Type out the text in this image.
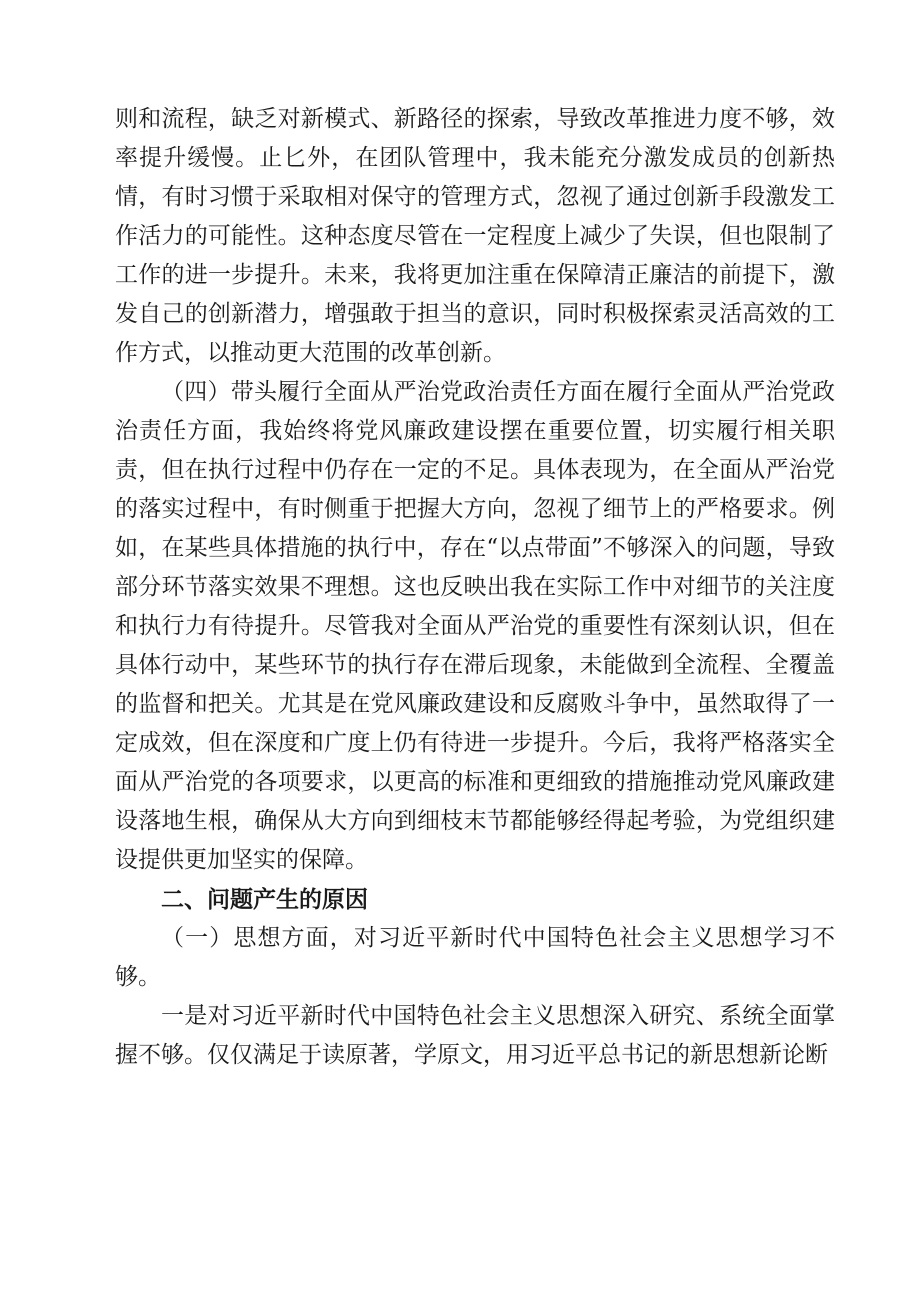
则和流程，缺乏对新模式、新路径的探索，导致改革推进力度不够，效率提升缓慢。止匕外，在团队管理中，我未能充分激发成员的创新热情，有时习惯于采取相对保守的管理方式，忽视了通过创新手段激发工作活力的可能性。这种态度尽管在一定程度上减少了失误，但也限制了工作的进一步提升。未来，我将更加注重在保障清正廉洁的前提下，激发自己的创新潜力，增强敢于担当的意识，同时积极探索灵活高效的工作方式，以推动更大范围的改革创新。

（四）带头履行全面从严治党政治责任方面在履行全面从严治党政治责任方面，我始终将党风廉政建设摆在重要位置，切实履行相关职责，但在执行过程中仍存在一定的不足。具体表现为，在全面从严治党的落实过程中，有时侧重于把握大方向，忽视了细节上的严格要求。例如，在某些具体措施的执行中，存在“以点带面”不够深入的问题，导致部分环节落实效果不理想。这也反映出我在实际工作中对细节的关注度和执行力有待提升。尽管我对全面从严治党的重要性有深刻认识，但在具体行动中，某些环节的执行存在滞后现象，未能做到全流程、全覆盖的监督和把关。尤其是在党风廉政建设和反腐败斗争中，虽然取得了一定成效，但在深度和广度上仍有待进一步提升。今后，我将严格落实全面从严治党的各项要求，以更高的标准和更细致的措施推动党风廉政建设落地生根，确保从大方向到细枝末节都能够经得起考验，为党组织建设提供更加坚实的保障。

二、问题产生的原因

（一）思想方面，对习近平新时代中国特色社会主义思想学习不够。

一是对习近平新时代中国特色社会主义思想深入研究、系统全面掌握不够。仅仅满足于读原著，学原文，用习近平总书记的新思想新论断
